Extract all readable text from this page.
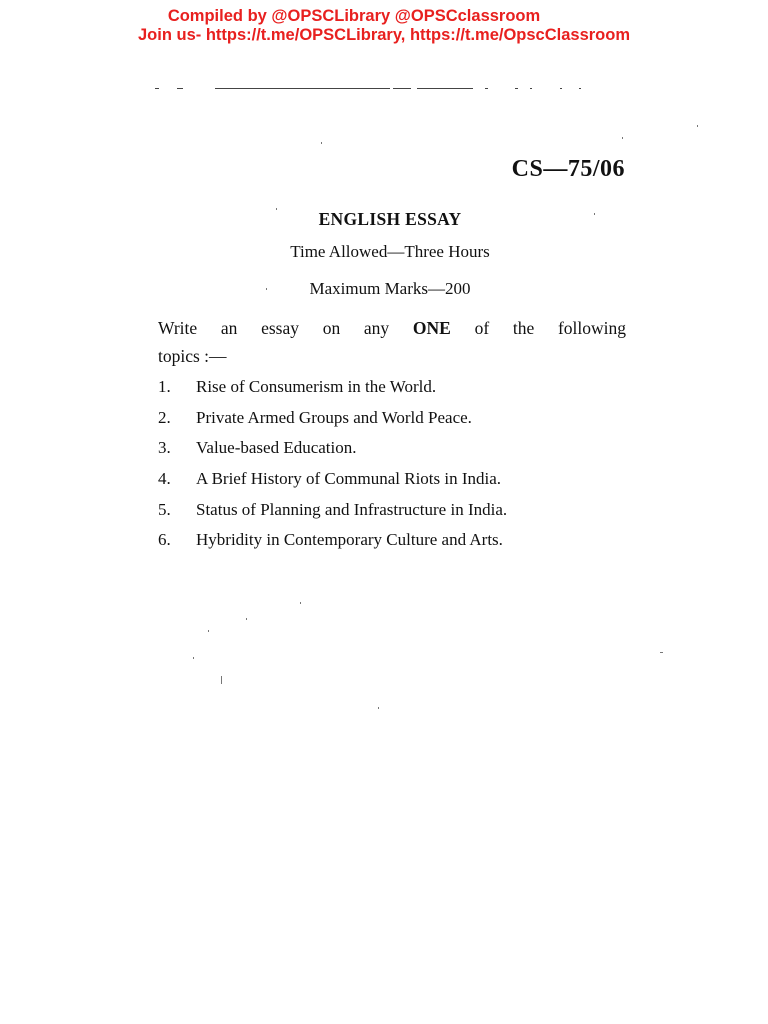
Compiled by @OPSCLibrary @OPSCclassroom
Join us- https://t.me/OPSCLibrary, https://t.me/OpscClassroom
CS—75/06
ENGLISH ESSAY
Time Allowed—Three Hours
Maximum Marks—200
Write an essay on any ONE of the following
topics :—
1.	Rise of Consumerism in the World.
2.	Private Armed Groups and World Peace.
3.	Value-based Education.
4.	A Brief History of Communal Riots in India.
5.	Status of Planning and Infrastructure in India.
6.	Hybridity in Contemporary Culture and Arts.
